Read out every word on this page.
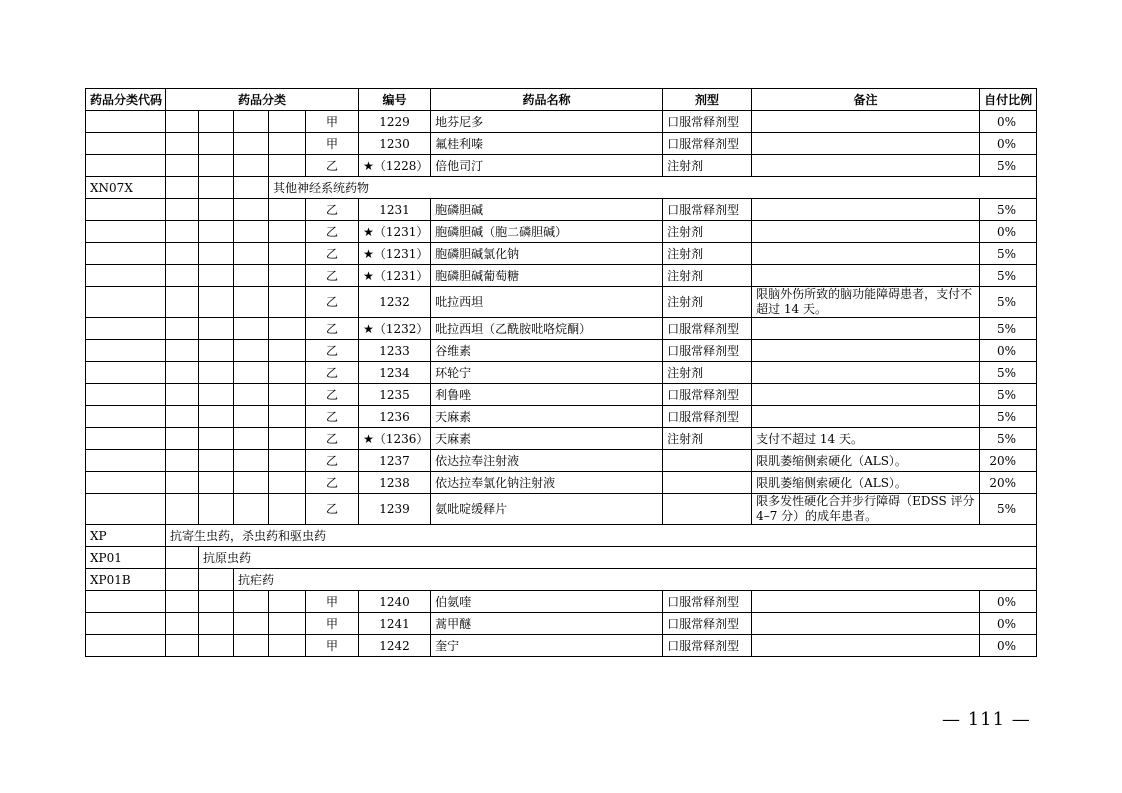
药品分类代码	药品分类					编号	药品名称	剂型	备注	自付比例
					甲	1229	地芬尼多	口服常释剂型		0%
					甲	1230	氟桂利嗪	口服常释剂型		0%
					乙	★（1228）	倍他司汀	注射剂		5%
XN07X				其他神经系统药物						
					乙	1231	胞磷胆碱	口服常释剂型		5%
					乙	★（1231）	胞磷胆碱（胞二磷胆碱）	注射剂		0%
					乙	★（1231）	胞磷胆碱氯化钠	注射剂		5%
					乙	★（1231）	胞磷胆碱葡萄糖	注射剂		5%
					乙	1232	吡拉西坦	注射剂	限脑外伤所致的脑功能障碍患者，支付不超过 14 天。	5%
					乙	★（1232）	吡拉西坦（乙酰胺吡咯烷酮）	口服常释剂型		5%
					乙	1233	谷维素	口服常释剂型		0%
					乙	1234	环轮宁	注射剂		5%
					乙	1235	利鲁唑	口服常释剂型		5%
					乙	1236	天麻素	口服常释剂型		5%
					乙	★（1236）	天麻素	注射剂	支付不超过 14 天。	5%
					乙	1237	依达拉奉注射液		限肌萎缩侧索硬化（ALS）。	20%
					乙	1238	依达拉奉氯化钠注射液		限肌萎缩侧索硬化（ALS）。	20%
					乙	1239	氨吡啶缓释片		限多发性硬化合并步行障碍（EDSS 评分 4–7 分）的成年患者。	5%
XP	抗寄生虫药，杀虫药和驱虫药									
XP01		抗原虫药								
XP01B			抗疟药							
					甲	1240	伯氨喹	口服常释剂型		0%
					甲	1241	蒿甲醚	口服常释剂型		0%
					甲	1242	奎宁	口服常释剂型		0%
— 111 —
